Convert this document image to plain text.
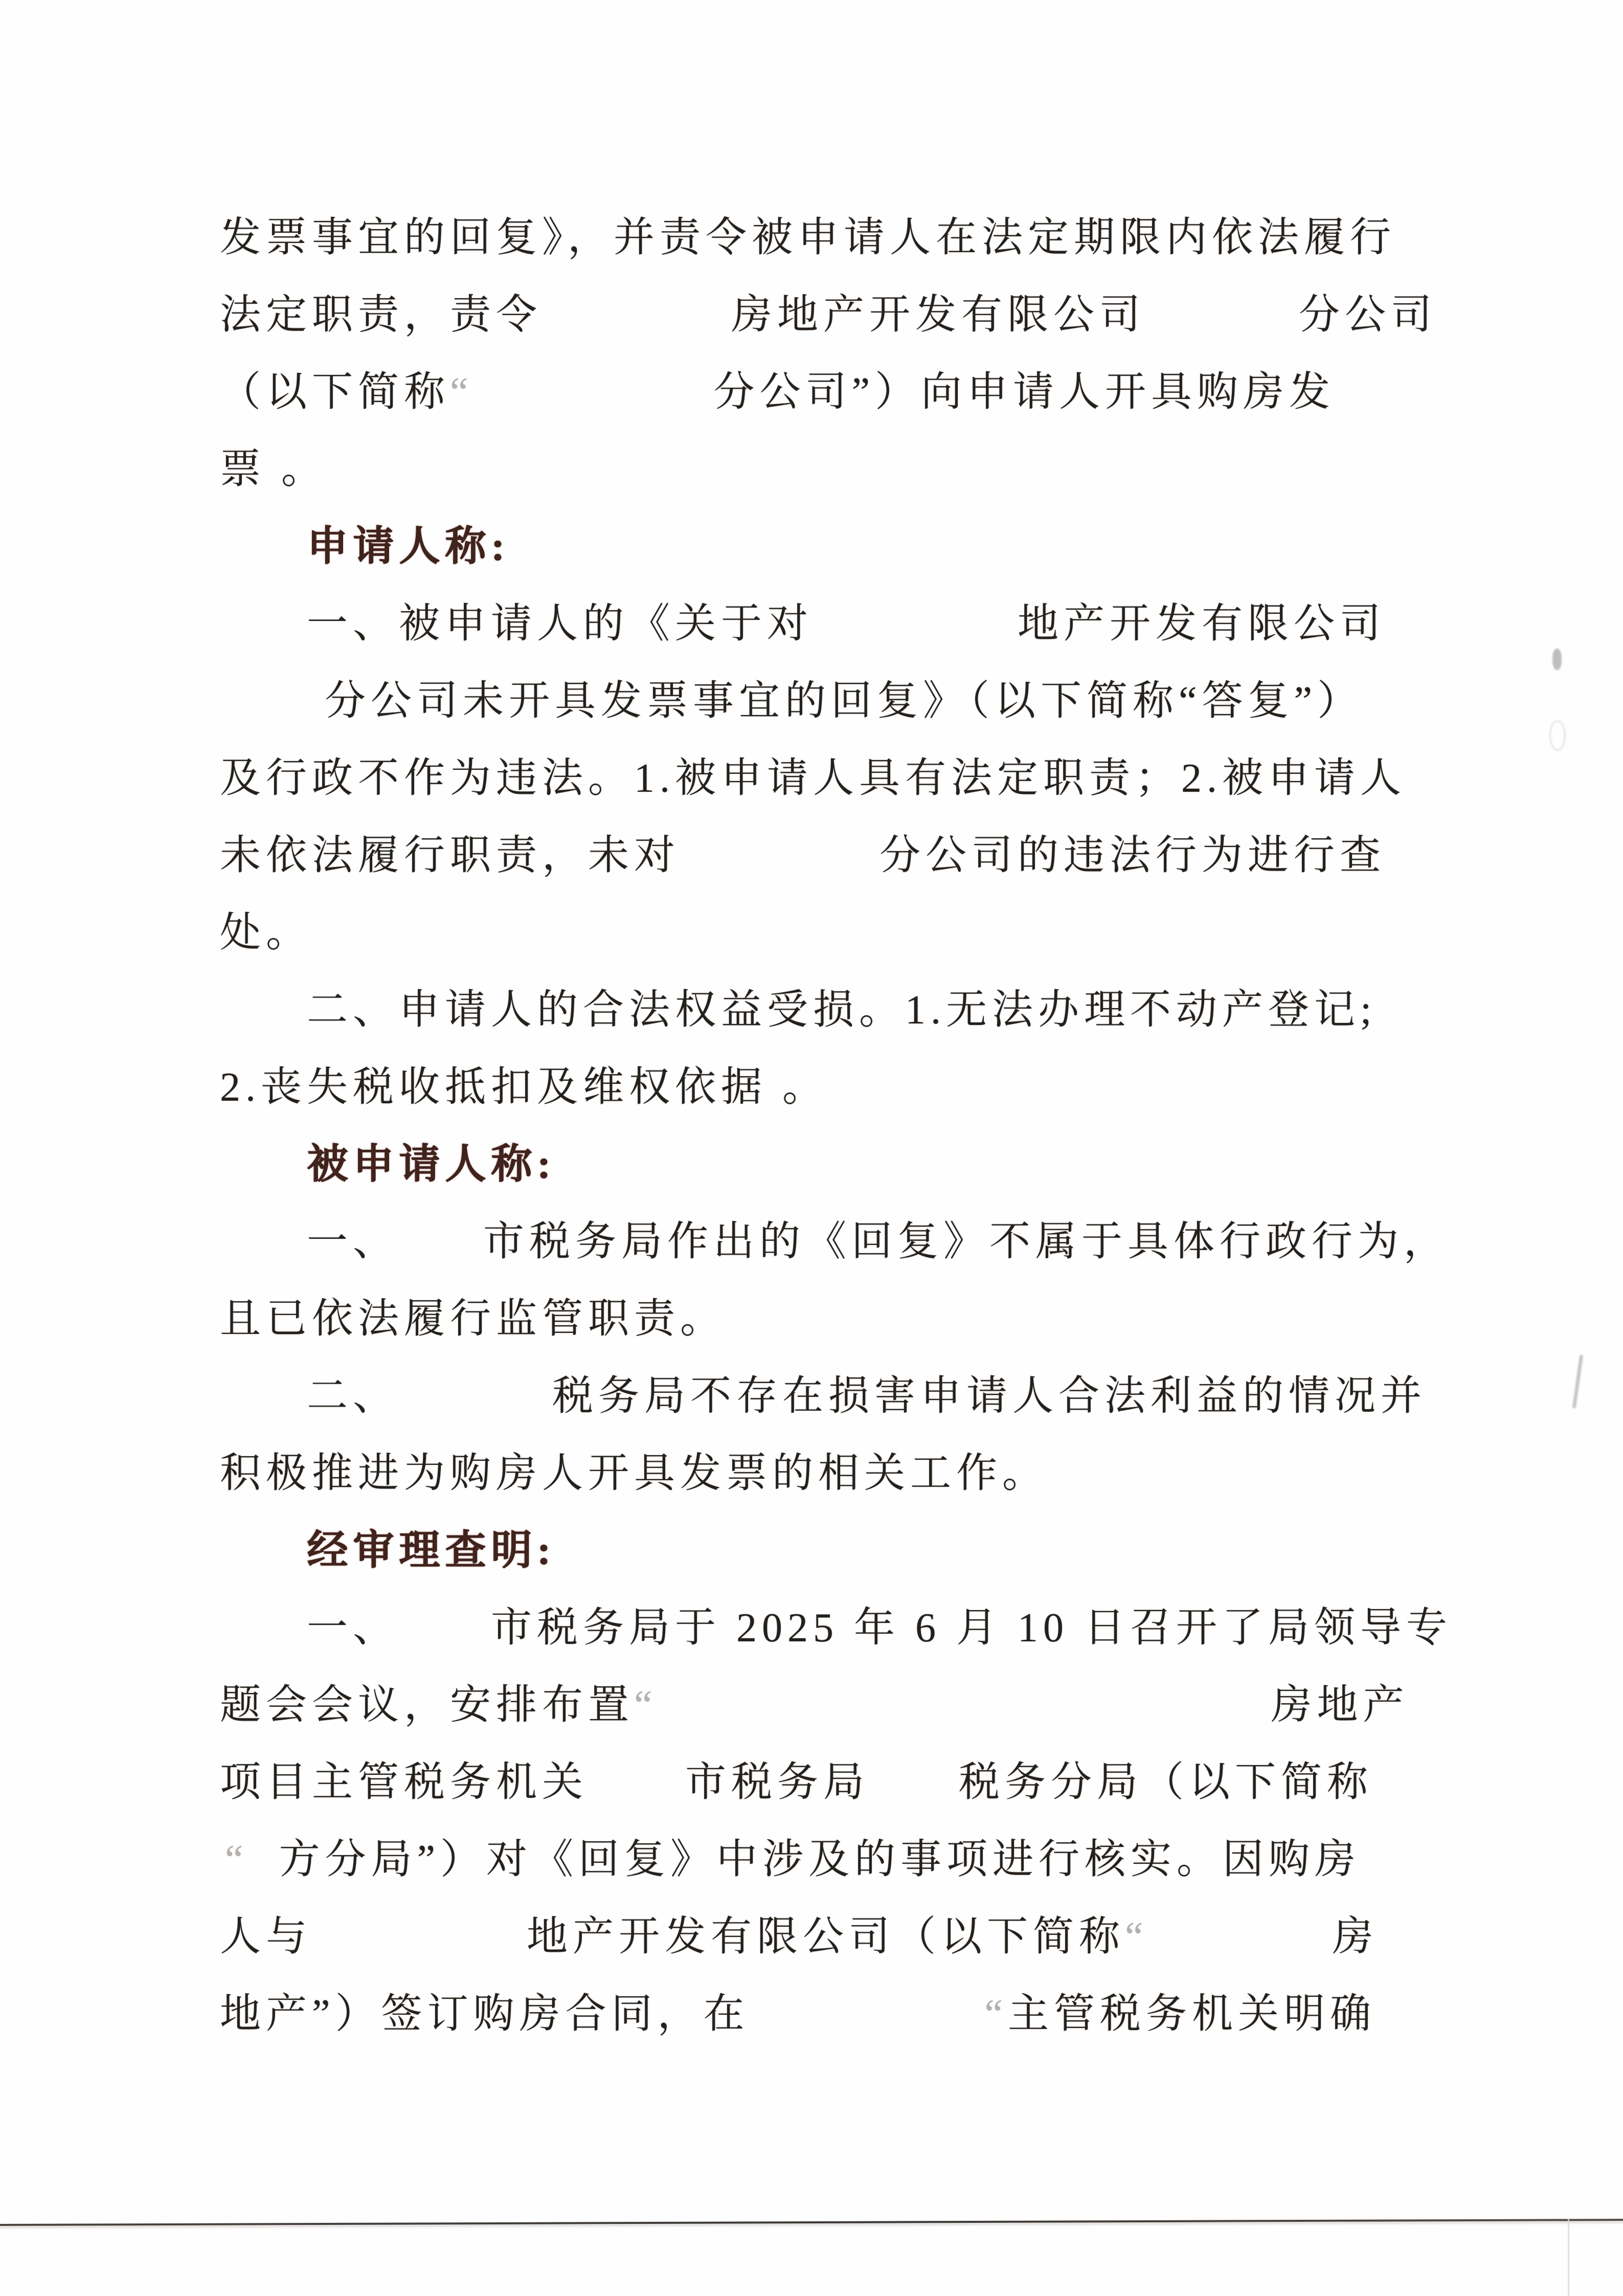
发票事宜的回复》，并责令被申请人在法定期限内依法履行
法定职责，责令	房地产开发有限公司	分公司
（以下简称“	分公司”）向申请人开具购房发
票 。
申请人称:
一、被申请人的《关于对	地产开发有限公司
分公司未开具发票事宜的回复》（以下简称“答复”）
及行政不作为违法。1.被申请人具有法定职责；2.被申请人
未依法履行职责，未对	分公司的违法行为进行查
处。
二、申请人的合法权益受损。1.无法办理不动产登记;
2.丧失税收抵扣及维权依据 。
被申请人称:
一、 市税务局作出的《回复》不属于具体行政行为，
且已依法履行监管职责。
二、	税务局不存在损害申请人合法利益的情况并
积极推进为购房人开具发票的相关工作。
经审理查明:
一、 市税务局于 2025 年 6 月 10 日召开了局领导专
题会会议，安排布置“	房地产
项目主管税务机关 市税务局 税务分局（以下简称
“ 方分局”）对《回复》中涉及的事项进行核实。因购房
人与	地产开发有限公司（以下简称“	房
地产”）签订购房合同，在	“主管税务机关明确
